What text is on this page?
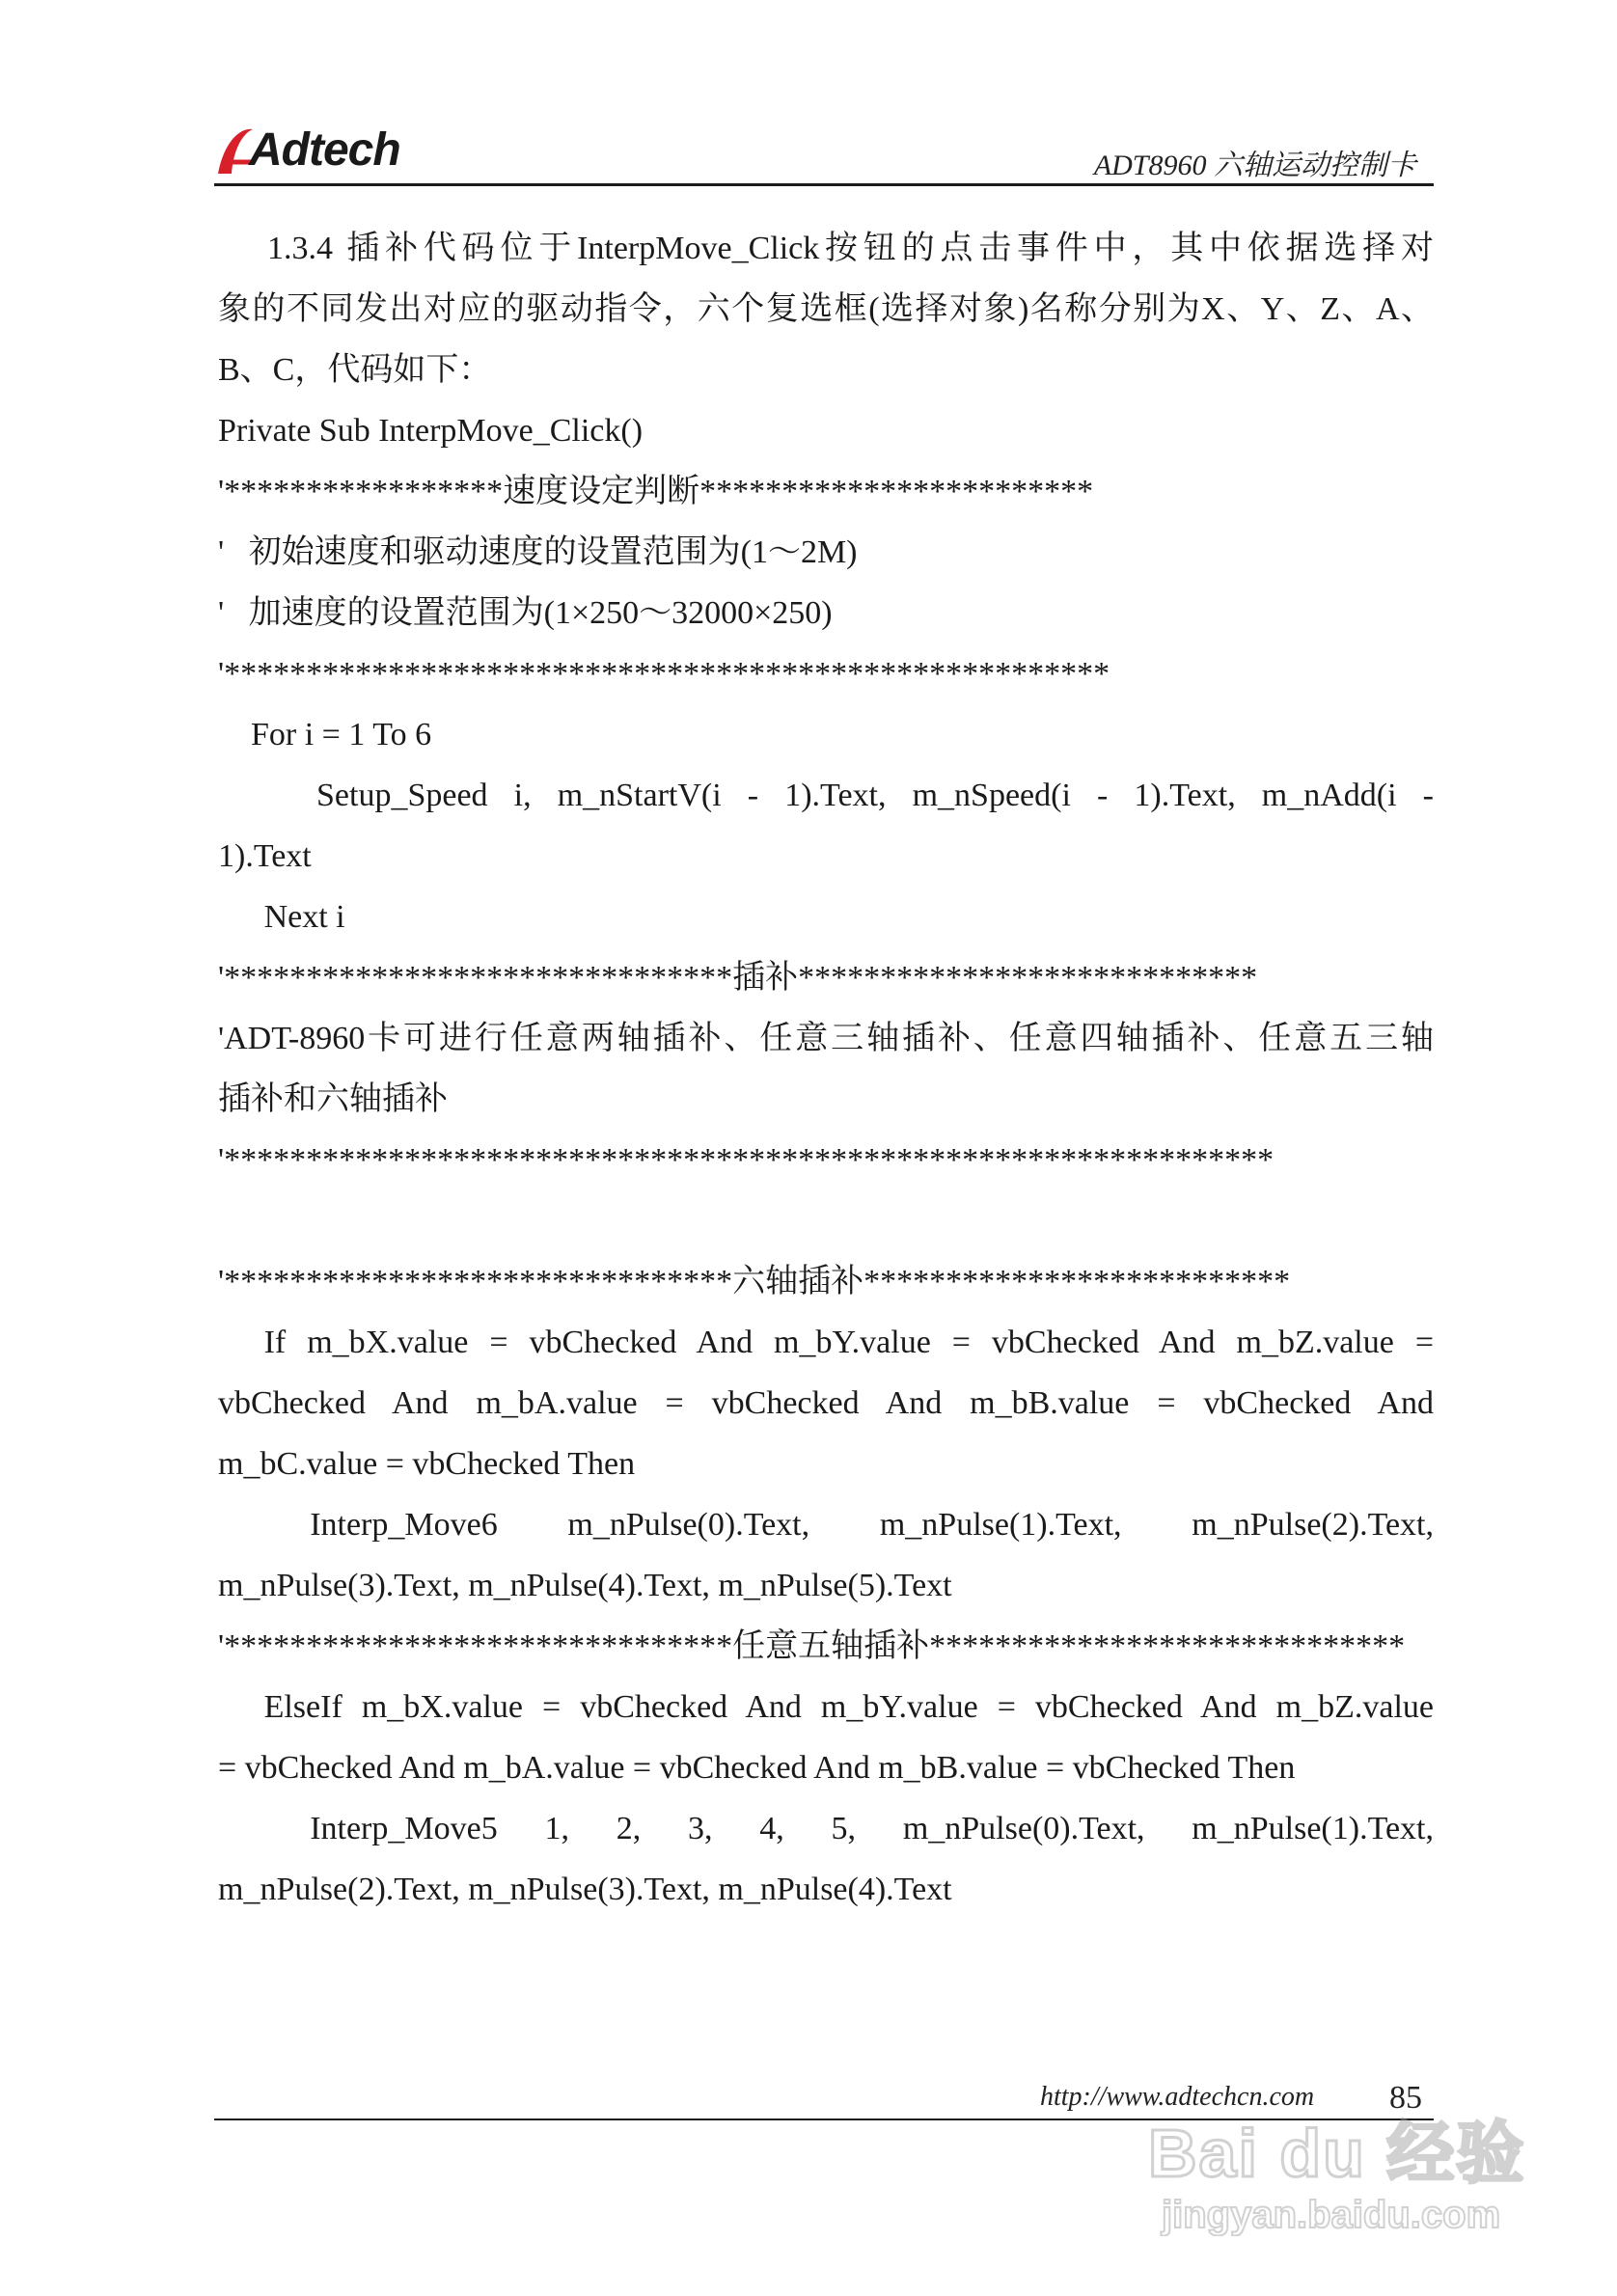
Adtech	ADT8960 六轴运动控制卡
1.3.4 插补代码位于InterpMove_Click按钮的点击事件中，其中依据选择对
象的不同发出对应的驱动指令，六个复选框(选择对象)名称分别为X、Y、Z、A、
B、C，代码如下：
Private Sub InterpMove_Click()
'*****************速度设定判断************************
'   初始速度和驱动速度的设置范围为(1～2M)
'   加速度的设置范围为(1×250～32000×250)
'******************************************************
For i = 1 To 6
Setup_Speed i, m_nStartV(i - 1).Text, m_nSpeed(i - 1).Text, m_nAdd(i -
1).Text
Next i
'*******************************插补****************************
'ADT-8960卡可进行任意两轴插补、任意三轴插补、任意四轴插补、任意五三轴
插补和六轴插补
'****************************************************************
'*******************************六轴插补**************************
If m_bX.value = vbChecked And m_bY.value = vbChecked And m_bZ.value =
vbChecked And m_bA.value = vbChecked And m_bB.value = vbChecked And
m_bC.value = vbChecked Then
Interp_Move6 m_nPulse(0).Text, m_nPulse(1).Text, m_nPulse(2).Text,
m_nPulse(3).Text, m_nPulse(4).Text, m_nPulse(5).Text
'*******************************任意五轴插补*****************************
ElseIf m_bX.value = vbChecked And m_bY.value = vbChecked And m_bZ.value
= vbChecked And m_bA.value = vbChecked And m_bB.value = vbChecked Then
Interp_Move5 1, 2, 3, 4, 5, m_nPulse(0).Text, m_nPulse(1).Text,
m_nPulse(2).Text, m_nPulse(3).Text, m_nPulse(4).Text
http://www.adtechcn.com 85
Bai du 经验
jingyan.baidu.com
